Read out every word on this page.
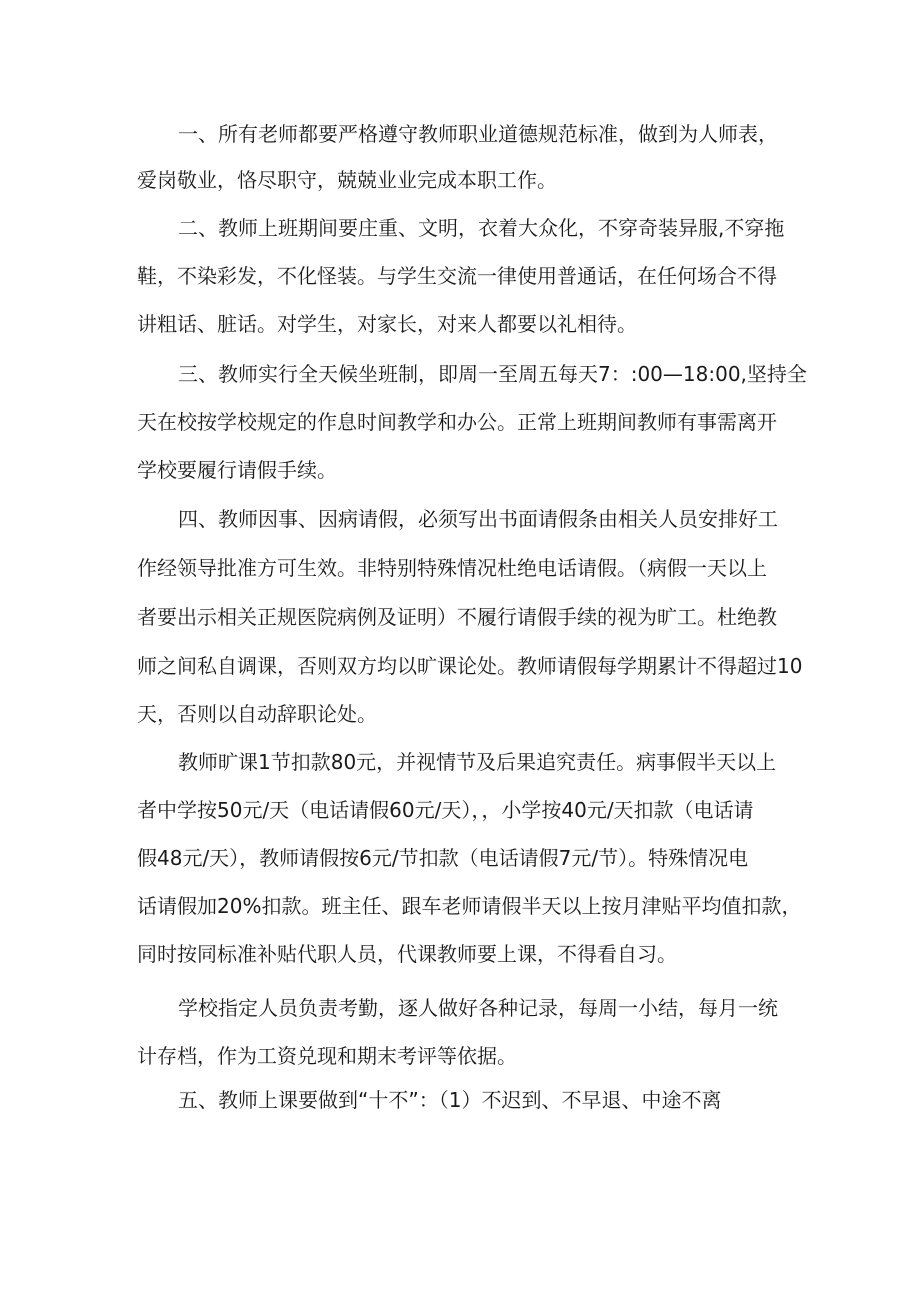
一、所有老师都要严格遵守教师职业道德规范标准，做到为人师表，

爱岗敬业，恪尽职守，兢兢业业完成本职工作。

二、教师上班期间要庄重、文明，衣着大众化，不穿奇装异服,不穿拖

鞋，不染彩发，不化怪装。与学生交流一律使用普通话，在任何场合不得

讲粗话、脏话。对学生，对家长，对来人都要以礼相待。

三、教师实行全天候坐班制，即周一至周五每天7：:00—18:00,坚持全

天在校按学校规定的作息时间教学和办公。正常上班期间教师有事需离开

学校要履行请假手续。

四、教师因事、因病请假，必须写出书面请假条由相关人员安排好工

作经领导批准方可生效。非特别特殊情况杜绝电话请假。（病假一天以上

者要出示相关正规医院病例及证明）不履行请假手续的视为旷工。杜绝教

师之间私自调课，否则双方均以旷课论处。教师请假每学期累计不得超过10

天，否则以自动辞职论处。

教师旷课1节扣款80元，并视情节及后果追究责任。病事假半天以上

者中学按50元/天（电话请假60元/天），，小学按40元/天扣款（电话请

假48元/天），教师请假按6元/节扣款（电话请假7元/节）。特殊情况电

话请假加20%扣款。班主任、跟车老师请假半天以上按月津贴平均值扣款，

同时按同标准补贴代职人员，代课教师要上课，不得看自习。

学校指定人员负责考勤，逐人做好各种记录，每周一小结，每月一统

计存档，作为工资兑现和期末考评等依据。

五、教师上课要做到“十不”：（1）不迟到、不早退、中途不离
